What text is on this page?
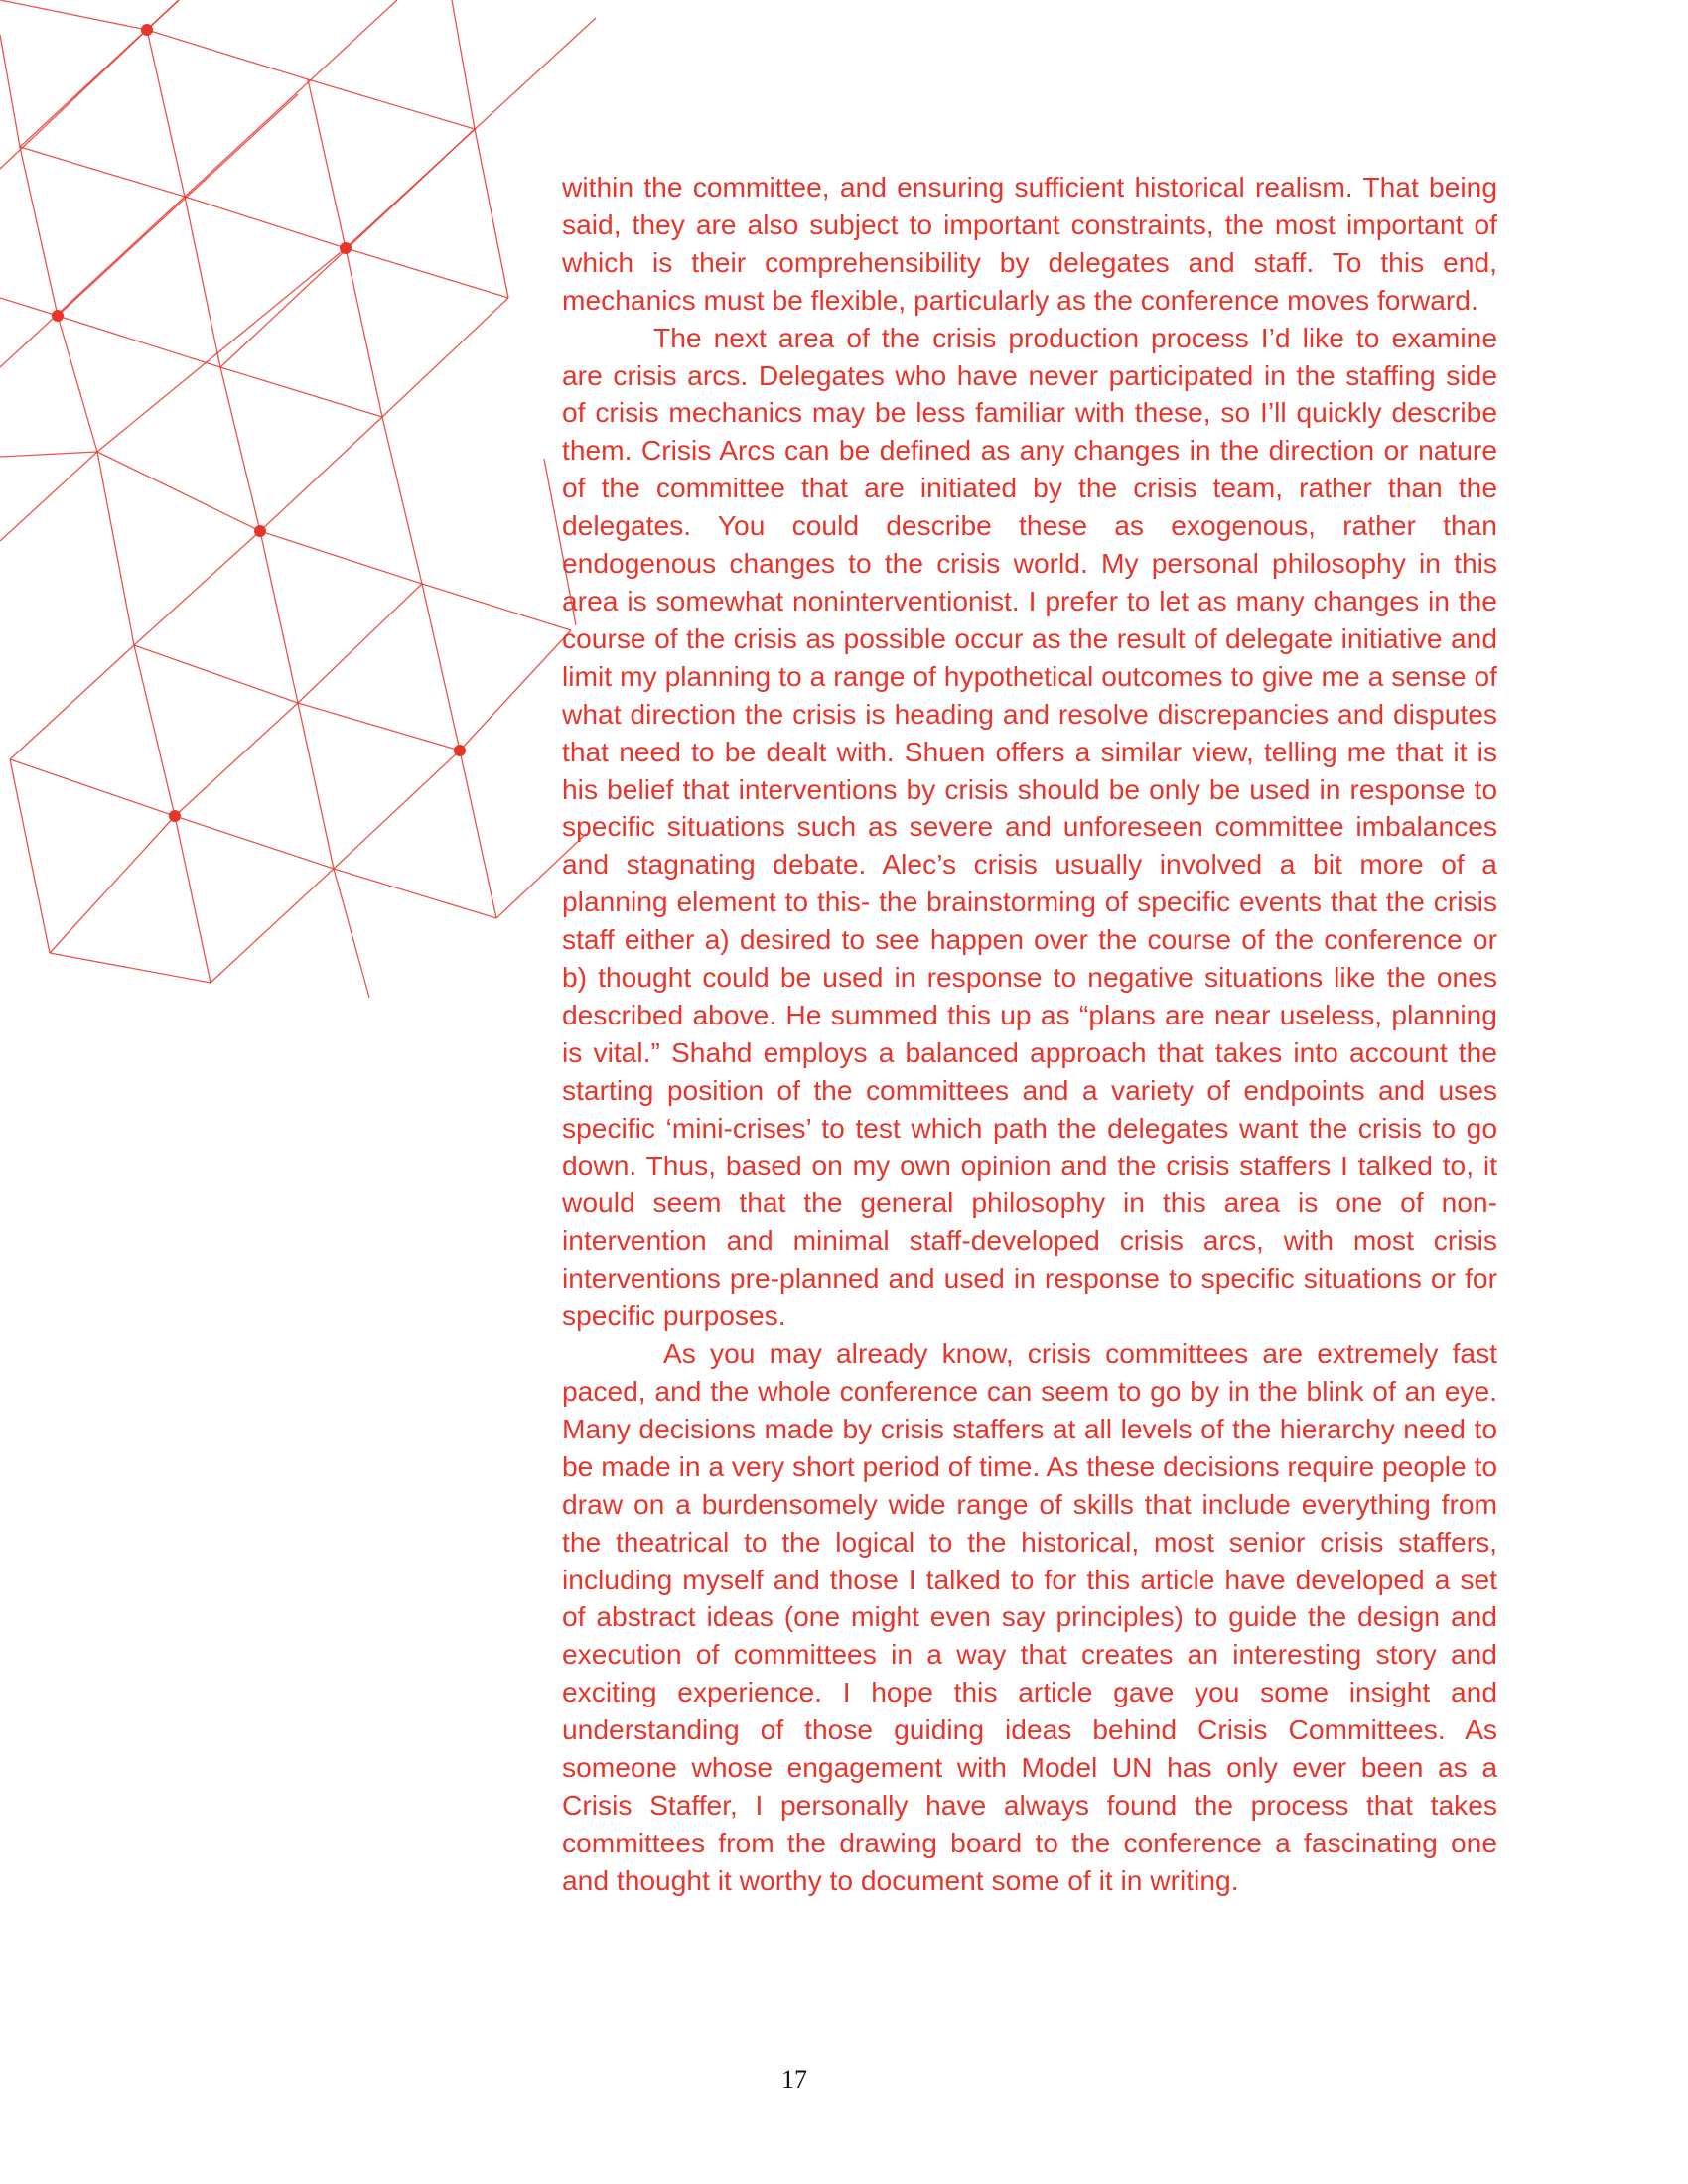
within the committee, and ensuring sufficient historical realism. That being said, they are also subject to important constraints, the most important of which is their comprehensibility by delegates and staff. To this end, mechanics must be flexible, particularly as the conference moves forward.

The next area of the crisis production process I’d like to examine are crisis arcs. Delegates who have never participated in the staffing side of crisis mechanics may be less familiar with these, so I’ll quickly describe them. Crisis Arcs can be defined as any changes in the direction or nature of the committee that are initiated by the crisis team, rather than the delegates. You could describe these as exogenous, rather than endogenous changes to the crisis world. My personal philosophy in this area is somewhat noninterventionist. I prefer to let as many changes in the course of the crisis as possible occur as the result of delegate initiative and limit my planning to a range of hypothetical outcomes to give me a sense of what direction the crisis is heading and resolve discrepancies and disputes that need to be dealt with. Shuen offers a similar view, telling me that it is his belief that interventions by crisis should be only be used in response to specific situations such as severe and unforeseen committee imbalances and stagnating debate. Alec’s crisis usually involved a bit more of a planning element to this- the brainstorming of specific events that the crisis staff either a) desired to see happen over the course of the conference or b) thought could be used in response to negative situations like the ones described above. He summed this up as “plans are near useless, planning is vital.” Shahd employs a balanced approach that takes into account the starting position of the committees and a variety of endpoints and uses specific ‘mini-crises’ to test which path the delegates want the crisis to go down. Thus, based on my own opinion and the crisis staffers I talked to, it would seem that the general philosophy in this area is one of non-intervention and minimal staff-developed crisis arcs, with most crisis interventions pre-planned and used in response to specific situations or for specific purposes.

As you may already know, crisis committees are extremely fast paced, and the whole conference can seem to go by in the blink of an eye. Many decisions made by crisis staffers at all levels of the hierarchy need to be made in a very short period of time. As these decisions require people to draw on a burdensomely wide range of skills that include everything from the theatrical to the logical to the historical, most senior crisis staffers, including myself and those I talked to for this article have developed a set of abstract ideas (one might even say principles) to guide the design and execution of committees in a way that creates an interesting story and exciting experience. I hope this article gave you some insight and understanding of those guiding ideas behind Crisis Committees. As someone whose engagement with Model UN has only ever been as a Crisis Staffer, I personally have always found the process that takes committees from the drawing board to the conference a fascinating one and thought it worthy to document some of it in writing.

17
